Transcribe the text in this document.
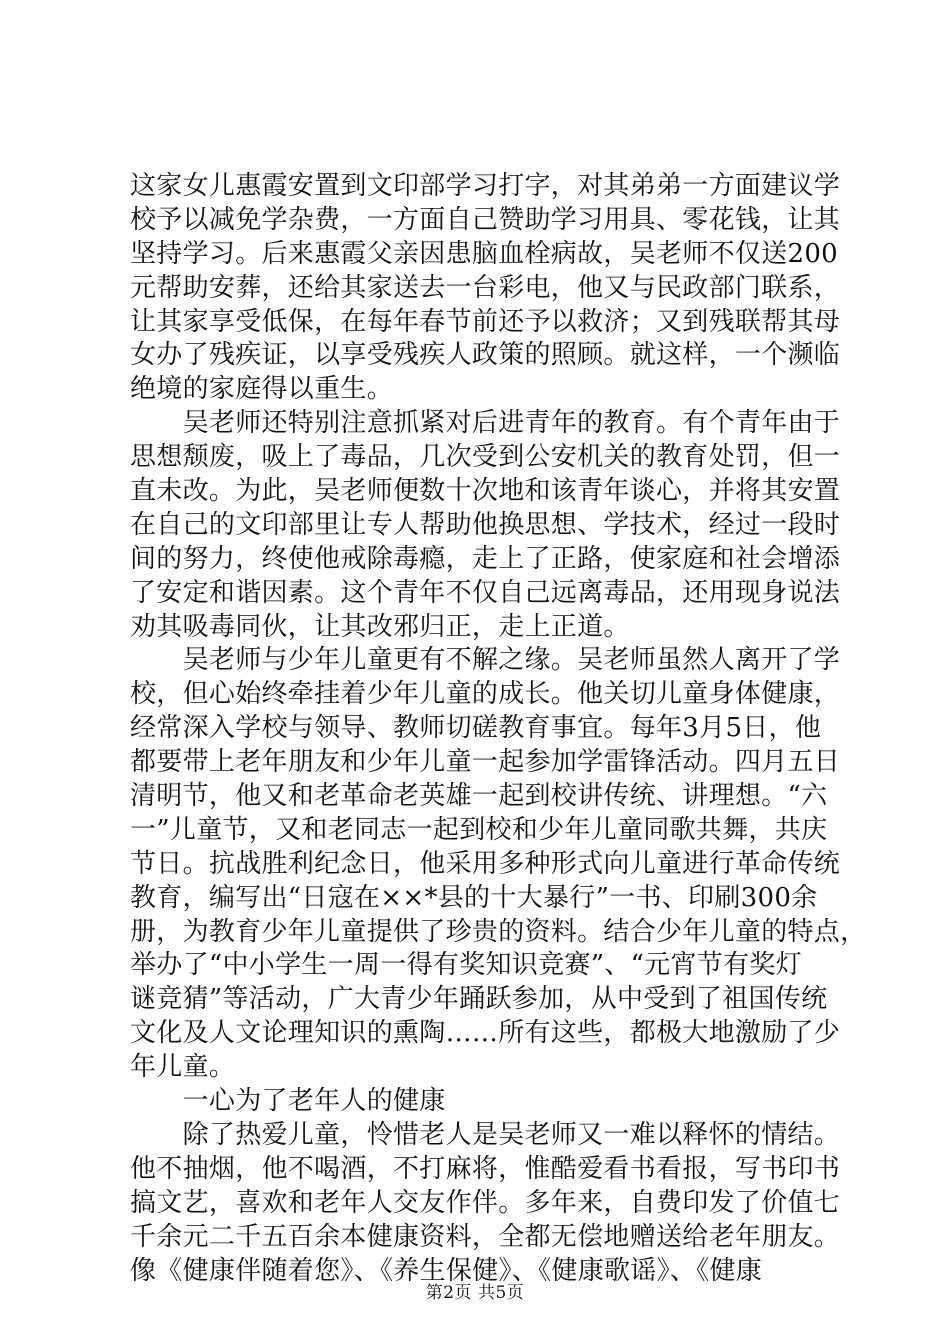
这家女儿惠霞安置到文印部学习打字，对其弟弟一方面建议学
校予以减免学杂费，一方面自己赞助学习用具、零花钱，让其
坚持学习。后来惠霞父亲因患脑血栓病故，吴老师不仅送200
元帮助安葬，还给其家送去一台彩电，他又与民政部门联系，
让其家享受低保，在每年春节前还予以救济；又到残联帮其母
女办了残疾证，以享受残疾人政策的照顾。就这样，一个濒临
绝境的家庭得以重生。
　　吴老师还特别注意抓紧对后进青年的教育。有个青年由于
思想颓废，吸上了毒品，几次受到公安机关的教育处罚，但一
直未改。为此，吴老师便数十次地和该青年谈心，并将其安置
在自己的文印部里让专人帮助他换思想、学技术，经过一段时
间的努力，终使他戒除毒瘾，走上了正路，使家庭和社会增添
了安定和谐因素。这个青年不仅自己远离毒品，还用现身说法
劝其吸毒同伙，让其改邪归正，走上正道。
　　吴老师与少年儿童更有不解之缘。吴老师虽然人离开了学
校，但心始终牵挂着少年儿童的成长。他关切儿童身体健康，
经常深入学校与领导、教师切磋教育事宜。每年3月5日，他
都要带上老年朋友和少年儿童一起参加学雷锋活动。四月五日
清明节，他又和老革命老英雄一起到校讲传统、讲理想。“六
一”儿童节，又和老同志一起到校和少年儿童同歌共舞，共庆
节日。抗战胜利纪念日，他采用多种形式向儿童进行革命传统
教育，编写出“日寇在××*县的十大暴行”一书、印刷300余
册，为教育少年儿童提供了珍贵的资料。结合少年儿童的特点，
举办了“中小学生一周一得有奖知识竞赛”、“元宵节有奖灯
谜竞猜”等活动，广大青少年踊跃参加，从中受到了祖国传统
文化及人文论理知识的熏陶……所有这些，都极大地激励了少
年儿童。
　　一心为了老年人的健康
　　除了热爱儿童，怜惜老人是吴老师又一难以释怀的情结。
他不抽烟，他不喝酒，不打麻将，惟酷爱看书看报，写书印书
搞文艺，喜欢和老年人交友作伴。多年来，自费印发了价值七
千余元二千五百余本健康资料，全都无偿地赠送给老年朋友。
像《健康伴随着您》、《养生保健》、《健康歌谣》、《健康
第2页 共5页
